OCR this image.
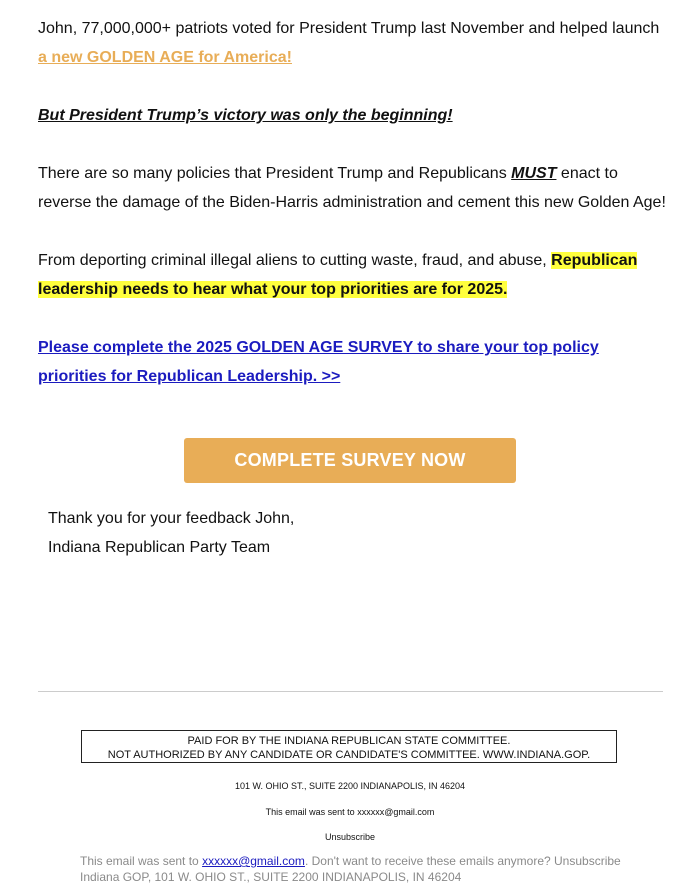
John, 77,000,000+ patriots voted for President Trump last November and helped launch a new GOLDEN AGE for America!

But President Trump’s victory was only the beginning!

There are so many policies that President Trump and Republicans MUST enact to reverse the damage of the Biden-Harris administration and cement this new Golden Age!

From deporting criminal illegal aliens to cutting waste, fraud, and abuse, Republican leadership needs to hear what your top priorities are for 2025.

Please complete the 2025 GOLDEN AGE SURVEY to share your top policy priorities for Republican Leadership. >>

COMPLETE SURVEY NOW
Thank you for your feedback John,
Indiana Republican Party Team
PAID FOR BY THE INDIANA REPUBLICAN STATE COMMITTEE.
NOT AUTHORIZED BY ANY CANDIDATE OR CANDIDATE'S COMMITTEE. WWW.INDIANA.GOP.
101 W. OHIO ST., SUITE 2200 INDIANAPOLIS, IN 46204
This email was sent to xxxxxx@gmail.com
Unsubscribe
This email was sent to xxxxxx@gmail.com. Don't want to receive these emails anymore? Unsubscribe
Indiana GOP, 101 W. OHIO ST., SUITE 2200 INDIANAPOLIS, IN 46204
